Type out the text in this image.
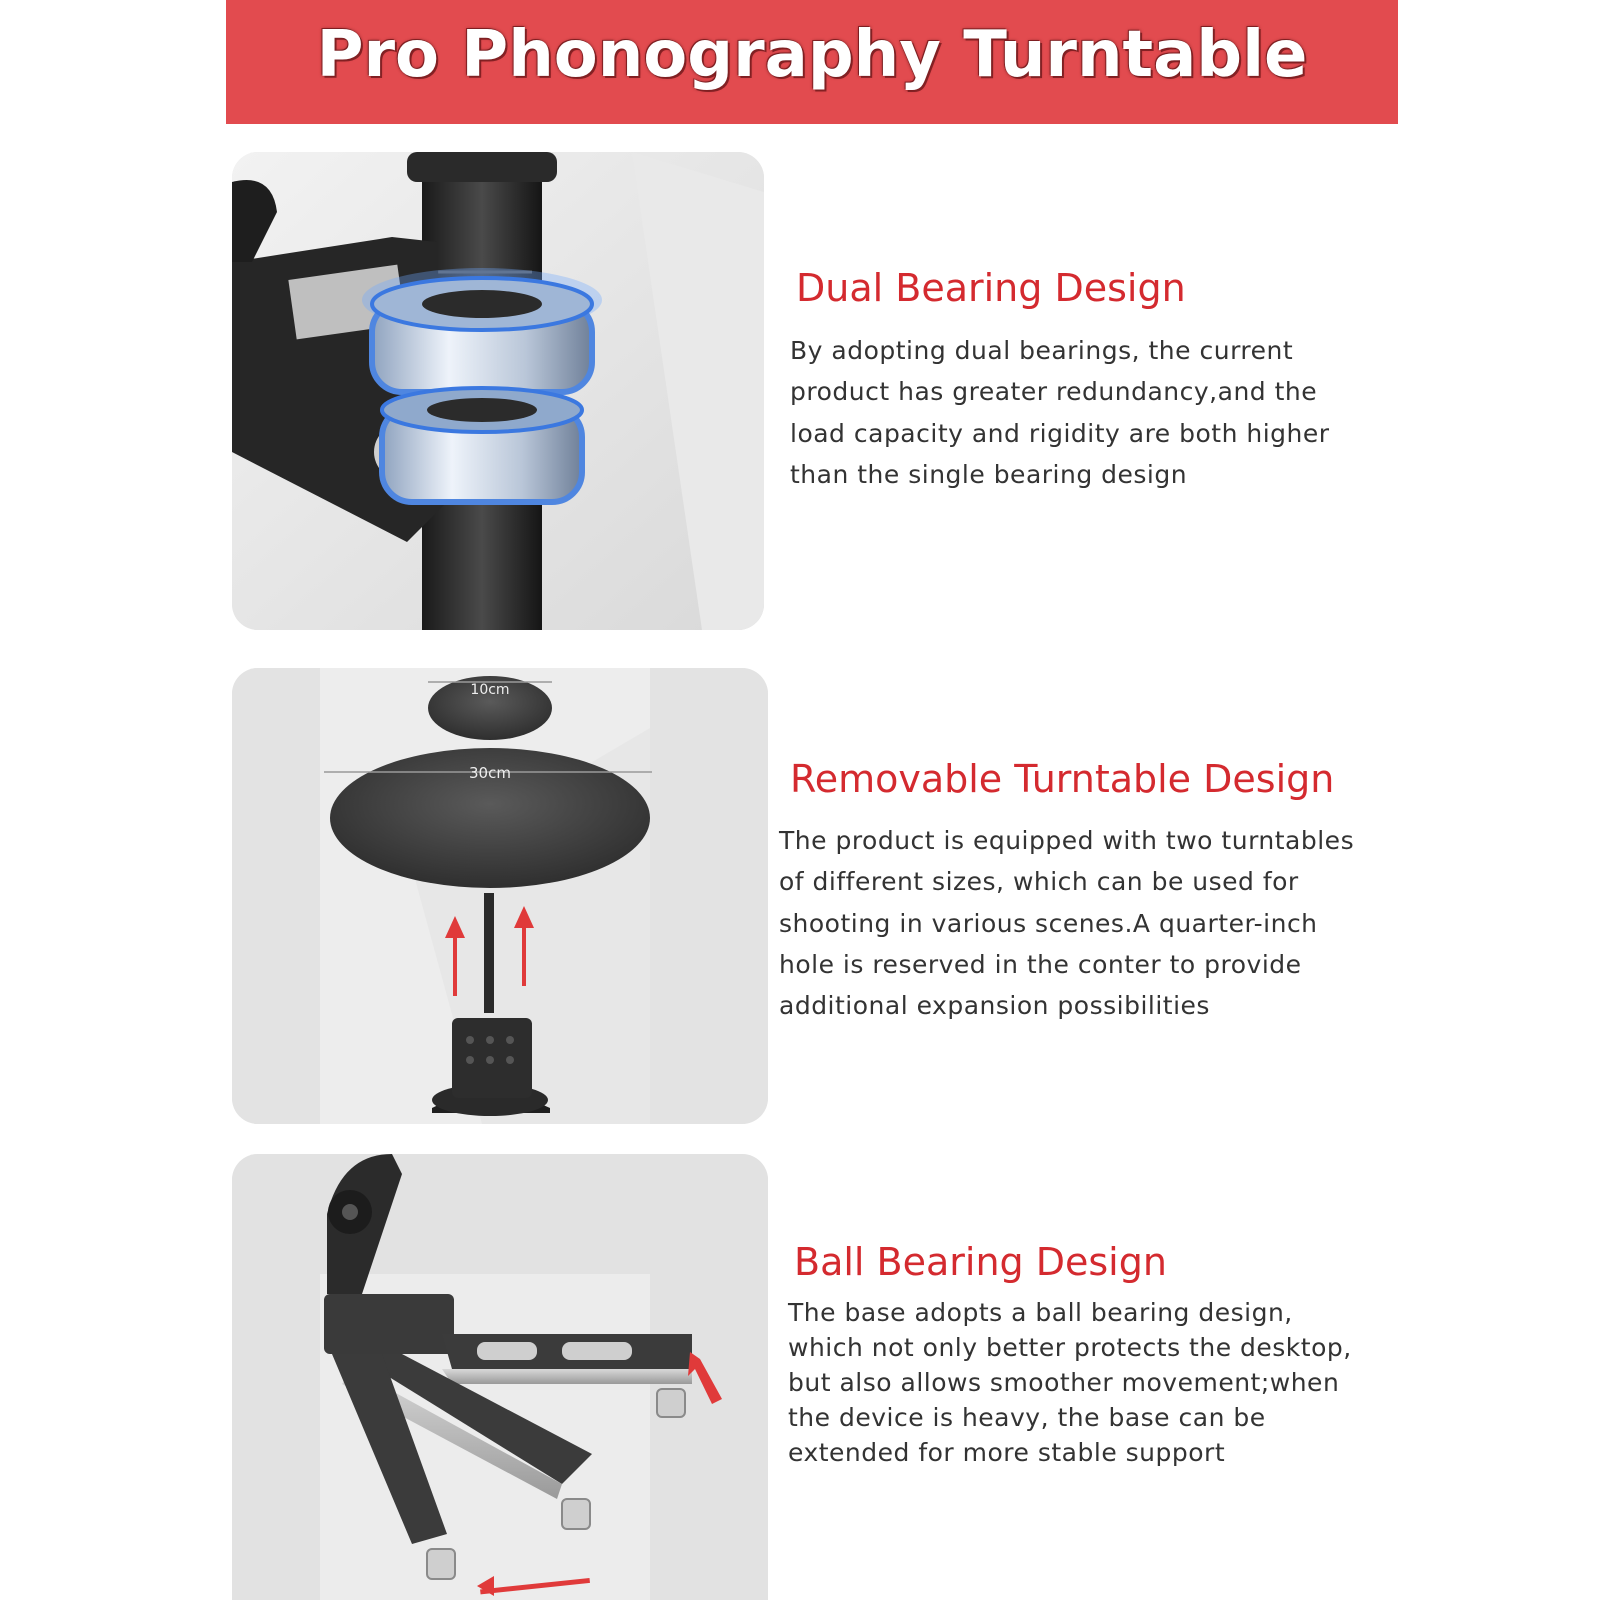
Pro Phonography Turntable
Dual Bearing Design
By adopting dual bearings, the current
product has greater redundancy,and the
load capacity and rigidity are both higher
than the single bearing design
10cm
30cm	Removable Turntable Design
The product is equipped with two turntables
of different sizes, which can be used for
shooting in various scenes.A quarter-inch
hole is reserved in the conter to provide
additional expansion possibilities
Ball Bearing Design
The base adopts a ball bearing design,
which not only better protects the desktop,
but also allows smoother movement;when
the device is heavy, the base can be
extended for more stable support
